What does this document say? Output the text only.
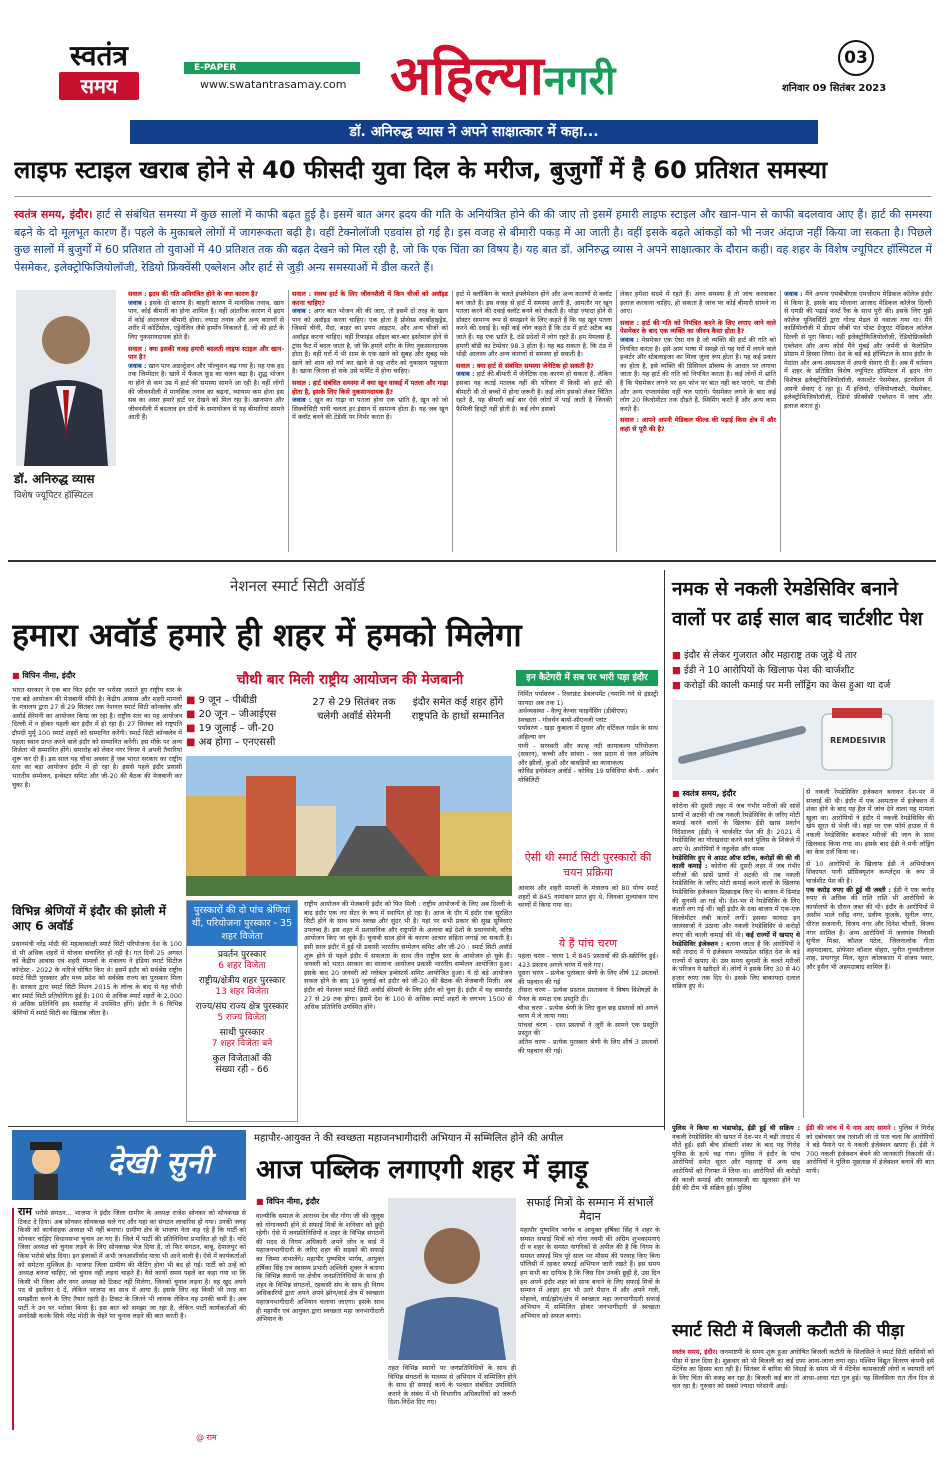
स्वतंत्र
समय
E-PAPER
www.swatantrasamay.com अहिल्यानगरी	03
शनिवार 09 सितंबर 2023
डॉ. अनिरुद्ध व्यास ने अपने साक्षात्कार में कहा...
लाइफ स्टाइल खराब होने से 40 फीसदी युवा दिल के मरीज, बुजुर्गों में है 60 प्रतिशत समस्या
स्वतंत्र समय, इंदौर। हार्ट से संबंधित समस्या में कुछ सालों में काफी बढ़त हुई है। इसमें बात अगर ह्रदय की गति के अनियंत्रित होने की की जाए तो इसमें हमारी लाइफ स्टाइल और खान-पान से काफी बदलवाव आए हैं। हार्ट की समस्या बढ़ने के दो मूलभूत कारण हैं। पहले के मुकाबले लोगों में जागरूकता बढ़ी है। वहीं टेक्नोलॉजी एडवांस हो गई है। इस वजह से बीमारी पकड़ में आ जाती है। वहीं इसके बढ़ते आंकड़ों को भी नजर अंदाज नहीं किया जा सकता है। पिछले कुछ सालों में बुजुर्गों में 60 प्रतिशत तो युवाओं में 40 प्रतिशत तक की बढ़त देखने को मिल रही है, जो कि एक चिंता का विषय है। यह बात डॉ. अनिरुद्ध व्यास ने अपने साक्षात्कार के दौरान कही। वह शहर के विशेष ज्यूपिटर हॉस्पिटल में पेसमेकर, इलेक्ट्रोफिजियोलॉजी, रेडियो फ्रिक्वेंसी एब्लेशन और हार्ट से जुड़ी अन्य समस्याओं में डील करते हैं।
डॉ. अनिरुद्ध व्यास
विशेष ज्यूपिटर हॉस्पिटल
सवाल : ह्रदय की गति अनियंत्रित होने के क्या कारण है?
जवाब : इसके दो कारण है। बाहरी कारण में मानसिक तनाव, खान पान, कोई बीमारी का होना शामिल है। वहीं आंतरिक कारण में ह्रदय में कोई अंदरुनाल बीमारी होना। ज्यादा तनाव और अन्य कारणों से शरीर में कोर्टिसोल, एड्रेनेलिन जैसे हार्मोन निकलते हैं, जो की हार्ट के लिए नुकसानदायक होते हैं।
सवाल : क्या इसकी वजह हमारी बदलती लाइफ स्टाइल और खान-पान है?
जवाब : खान पान अडल्ट्रेशन और पॉल्युशन बढ़ गया है। यह एक हद तक जिम्मेदार है। खाने में फैंकल फूड का चलन बढ़ा है। शुद्ध भोजन ना होने से कम उम्र में हार्ट की समस्या सामने आ रही है। वहीं लोगों की जीवनशैली में मानसिक तनाव का बढ़ना, व्यायाम कम होना इस सब का असर हमारे हार्ट पर देखने को मिल रहा है। खानपान और जीवनशैली में बदलाव इन दोनों के समायोजन से यह बीमारियां सामने आती हैं।
सवाल : स्वस्थ हार्ट के लिए जीवनशैली में किन चीजों को अवॉइड करना चाहिए?
जवाब : अगर बात भोजन की की जाए, तो इसमें दो तरह के खान पान को अवॉइड करना चाहिए। एक होता है प्रोसेस्ड कार्बोहाइड्रेड, जिसमें चीनी, मैदा, बाहर का प्रपप आइटम, और अन्य चीजों को अवॉइड करना चाहिए। वहीं रिफाइंड ऑइल बार-बार इस्तेमाल होने से ट्रांस फैट में बदल जाता है, जो कि हमारे शरीर के लिए नुकसानदायक होता है। वहीं घरों में भी शाम के एक खाने को सुबह और सुबह पके खाने को शाम को गर्म कर खाने से यह शरीर को नुकसान पहुंचाता है। खाना जितना हो सके उसे फर्मिट में होना चाहिए।
सवाल : हार्ट संबंधित समस्या में क्या खून वाकई में पतला और गाढ़ा होता है, इसके लिए किसे नुकसानदायक है?
जवाब : खून का गाढ़ा या पतला होना एक भ्रांति है, खून को जो सिक्वोसिटी यानी चलता हर इंसान में सामान्य होता है। यह जब खून में क्लॉट बनने की टेंडेंसी पर निर्भर करता है।
हार्ट में क्लॉकिंग के चलते इंफ्लेमेशन होने और अन्य कारणों से क्लॉट बन जाते हैं। इस वजह से हार्ट में समस्या आती है, आमतौर पर खून पतला करने की दवाई क्लॉट बनने को रोकती है। थोड़ा ज्यादा होने से डॉक्टर सामान्य रूप से समझाने के लिए कहते हैं कि यह खून पतला करने की दवाई है। वहीं कई लोग कहते हैं कि ठंड में हार्ट अटैक बढ़ जाते हैं। यह एक भ्रांति है, ठंडे प्रदेशों में लोग रहते हैं। हम मेमलस हैं, हमारी बॉडी का टेम्प्रेचर 98.3 होता है। यह बढ़ सकता है, कि ठंड में थोड़ी आलस्य और अन्य कारणों से समस्या हो सकती है।
सवाल : क्या हार्ट से संबंधित समस्या जेनेटिक हो सकती है?
जवाब : हार्ट की बीमारी में जेनेटिक एक कारण हो सकता है, लेकिन इसका यह कतई मतलब नहीं की परिवार में किसी को हार्ट की बीमारी थी तो बच्चों में होना जरूरी है। कई लोग इसको लेकर चिंतित रहते हैं, यह बीमारी कई बार ऐसे लोगों में पाई जाती है जिनकी फैमिली हिस्ट्री नहीं होती है। कई लोग इसको
लेकर हमेशा सदमे में रहते हैं। अगर समस्या है तो जांच करवाकर इलाज करवाना चाहिए, हो सकता है जांच पर कोई बीमारी सामने ना आए।
सवाल : हार्ट की गति को नियंत्रित करने के लिए लगाए जाने वाले पेसमेकर के बाद एक व्यक्ति का जीवन कैसा होता है?
जवाब : पेसमेकर एक ऐसा यंत्र है जो व्यक्ति की हार्ट की गति को नियंत्रित करता है। इसे आम भाषा में समझे तो यह घरों में लगने वाले इन्वर्टर और स्टेबलाइजर का मिला जुला रूप होता है। यह कई प्रकार का होता है, इसे व्यक्ति की प्रिसिपल प्रॉब्लम के आधार पर लगाया जाता है। यह हार्ट की गति को नियंत्रित करता है। कई लोगों में भ्रांति है कि पेसमेकर लगने पर हम फोन पर बात नहीं कर पाएंगे, या टीवी और अन्य एप्लायंसेस नहीं चल पाएंगे। पेसमेकर लगने के बाद कई लोग 20 किलोमीटर तक दौड़ते हैं, स्विमिंग करते हैं और अन्य काम करते हैं।
सवाल : आपने अपनी मेडिकल फील्ड की पढ़ाई किस क्षेत्र में और कहां से पूरी की है?
जवाब : मैंने अपना एमबीबीएस एमजीएम मेडिकल कॉलेज इंदौर से किया है, इसके बाद मौलाना आजाद मेडिकल कॉलेज दिल्ली से एमडी की पढ़ाई फर्स्ट रैंक के साथ पूरी की। इसके लिए मुझे कॉलेज यूनिवर्सिटी द्वारा गोल्ड मेडल से नवाजा गया था। मैंने कार्डियोलॉजी में डीएम जीबी पंत पोस्ट ग्रेजुएट मेडिकल कॉलेज दिल्ली से पूरा किया। वहीं इलेक्ट्रोफिजियोलॉजी, रेडियोफ्रिक्वेंसी एब्लेशन और अन्य कोर्स मैंने मुंबई और जर्मनी से फेलोशिप प्रोग्राम में हिस्सा लिया। देश के बड़े बड़े हॉस्पिटल के साथ इंदौर के मेदांता और अन्य अस्पताल में अपनी सेवाएं दी हैं। अब मैं वर्तमान में शहर के प्रतिष्ठित विशेष ज्यूपिटर हॉस्पिटल में ह्रदय रोग विशेषज्ञ इलेक्ट्रोफिजियोलॉजी, कंसल्टेंट पेसमेकर, इंटरवेंशन में अपनी सेवाएं दे रहा हूं। मैं इंजियो, एंजियोप्लास्टी, पेसमेकर, इलेक्ट्रोफिजियोलॉजी, रेडियो फ्रीक्वेंसी एब्लेशन में जांच और इलाज करता हूं।
नेशनल स्मार्ट सिटी अवॉर्ड
हमारा अवॉर्ड हमारे ही शहर में हमको मिलेगा
■ विपिन नीमा, इंदौर
भारत सरकार ने एक बार फिर इंदौर पर भरोसा जताते हुए राष्ट्रीय स्तर के एक बड़े आयोजन की मेजबानी सौंपी है। केंद्रीय आवास और शहरी मामलों के मंत्रालय द्वारा 27 से 29 सितंबर तक नेशनल स्मार्ट सिटी कॉन्क्लेव और अवॉर्ड सेरेमनी का आयोजन किया जा रहा है। राष्ट्रीय स्तर का यह आयोजन दिल्ली में न होकर पहली बार इंदौर में हो रहा है। 27 सितंबर को राष्ट्रपति द्रौपदी मुर्मू 100 स्मार्ट शहरों को सम्मानित करेंगी। स्मार्ट सिटी कॉन्क्लेव में पहला स्थान प्राप्त करने वाले इंदौर को सम्मानित करेंगी। इस मौके पर अन्य विजेता भी सम्मानित होंगे। समारोह को लेकर नगर निगम ने अपनी तैयारियां शुरू कर दी हैं। इस साल यह चौथा अवसर है जब भारत सरकार का राष्ट्रीय स्तर का बड़ा आयोजन इंदौर में हो रहा है। इससे पहले इंदौर प्रवासी भारतीय सम्मेलन, इन्वेस्टर समिट और जी-20 की बैठक की मेजबानी कर चुका है।
विभिन्न श्रेणियों में इंदौर की झोली में आए 6 अवॉर्ड
प्रधानमंत्री नरेंद्र मोदी की महत्वाकांक्षी स्मार्ट सिटी परियोजना देश के 100 से भी अधिक शहरों में योजना संचालित हो रही है। गत दिनों 25 अगस्त को केंद्रीय आवास एवं शहरी मामलों के मंत्रालय ने इंडिया स्मार्ट सिटीज कॉन्टेस्ट - 2022 के नतीजे घोषित किए थे। इसमें इंदौर को सर्वश्रेष्ठ राष्ट्रीय स्मार्ट सिटी पुरस्कार और मध्य प्रदेश को सर्वश्रेष्ठ राज्य का पुरस्कार मिला है। सरकार द्वारा स्मार्ट सिटी मिशन 2015 के लॉन्च के बाद से यह चौथी बार स्मार्ट सिटी प्रतियोगिता हुई है। 100 से अधिक स्मार्ट शहरों के 2,000 से अधिक प्रतिनिधि इस समारोह में उपस्थित होंगे। इंदौर ने 6 विभिन्न श्रेणियों में स्मार्ट सिटी का खिताब जीता है।
चौथी बार मिली राष्ट्रीय आयोजन की मेजबानी
■ 9 जून – पीबीडी
■ 20 जून – जीआईएस
■ 19 जुलाई – जी-20
■ अब होगा – एनएससी
27 से 29 सितंबर तक चलेगी अवॉर्ड सेरेमनी
इंदौर समेत कई शहर होंगे राष्ट्रपति के हाथों सम्मानित
पुरस्कारों की दो पांच श्रेणियां थीं, परियोजना पुरस्कार - 35 शहर विजेता
प्रवर्तन पुरस्कार
6 शहर विजेता
राष्ट्रीय/क्षेत्रीय शहर पुरस्कार
13 शहर विजेता
राज्य/संघ राज्य क्षेत्र पुरस्कार
5 राज्य विजेता
साथी पुरस्कार
7 शहर विजेता बने
कुल विजेताओं की
संख्या रही - 66
राष्ट्रीय आयोजन की मेजबानी इंदौर को फिर मिली : राष्ट्रीय आयोजनों के लिए अब दिल्ली के बाद इंदौर एक नए सेंटर के रूप में स्थापित हो रहा है। आज के दौर में इंदौर एक सुरक्षित सिटी होने के साथ साथ स्वच्छ और सुंदर भी है। यहां पर सभी प्रकार की सुख सुविधाएं उपलब्ध है। इस शहर में प्रशासनिक और राष्ट्रपति के अलावा बड़े देशों के प्रधानमंत्री, वरिष्ठ आयोजन किए जा चुके हैं। चुनावी साल होने के कारण आचार संहिता लगाई जा सकती है। इसी साल इंदौर में हुई थी प्रवासी भारतीय सम्मेलन समिट और जी-20 : स्मार्ट सिटी अवॉर्ड शुरू होने से पहले इंदौर में सफलता के साथ तीन राष्ट्रीय स्तर के आयोजन हो चुके हैं। जनवरी को भारत सरकार का सालाना आयोजन प्रवासी भारतीय सम्मेलन आयोजित हुआ। इसके बाद 20 जनवरी को ग्लोबल इन्वेस्टर्स समिट आयोजित हुआ। ये दो बड़े आयोजन सफल होने के बाद 19 जुलाई को इंदौर को जी-20 की बैठक की मेजबानी मिली। अब इंदौर को नेशनल स्मार्ट सिटी अवॉर्ड सेरेमनी के लिए इंदौर को चुना है। इंदौर में यह समारोह 27 से 29 तक होगा। इसमें देश के 100 से अधिक स्मार्ट शहरों के लगभग 1500 से अधिक प्रतिनिधि उपस्थित होंगे।
इन कैटेगरी में सब पर भारी पड़ा इंदौर
निर्मित पर्यावरण - रिवरफ्रंट डेवलपमेंट (नमामि गंगे से इंडस्ट्री फ़ायदा अब तक 1)
अर्थव्यवस्था - वैल्यू केप्चर फाइनेंसिंग (डीबीएफ)
स्वच्छता - गोवर्धन बायो-सीएनजी प्लांट
पर्यावरण - खड़ा कुबाला में सुधार और वर्टिकल गार्डन के साथ अहिल्या वन
पानी - सरस्वती और कान्ह नदी कायाकल्प परियोजना (सवरन), कच्ची और सांवरा - जल प्रदाय से जल अधिशेष और झीलों, कुओं और बावड़ियों का कायाकल्प
कोविड इनोवेशन अवॉर्ड - कोविड 19 प्रविधियां श्रेणी - अर्बन मोबिलिटी
ऐसी थी स्मार्ट सिटी पुरस्कारों की चयन प्रक्रिया
आवास और शहरी मामलों के मंत्रालय को 80 योग्य स्मार्ट शहरों से 845 नामांकन प्राप्त हुए थे, जिनका मूल्यांकन पांच चरणों में किया गया था।
ये हैं पांच चरण
पहला चरण - चरण 1 में 845 प्रस्तावों की प्री-स्क्रीनिंग हुई। 423 प्रस्ताव अगले चरण में चले गए।
दूसरा चरण - प्रत्येक पुरस्कार श्रेणी के लिए शीर्ष 12 प्रस्तावों की पहचान की गई
तीसरा चरण - प्रत्येक प्रस्ताव प्रस्तावना ने विषय विशेषज्ञों के पैनल के समक्ष एक प्रस्तुति दी।
चौथा चरण - प्रत्येक श्रेणी के लिए कुल छह प्रस्तावों को अगले चरण में ले जाया गया।
पांचवां चरण - दस्त प्रस्तावों ने जूरी के सामने एक प्रस्तुति प्रस्तुत की
अंतिम चरण - प्रत्येक पुरस्कार श्रेणी के लिए शीर्ष 3 प्रस्तावों की पहचान की गई।
नमक से नकली रेमडेसिविर बनाने वालों पर ढाई साल बाद चार्टशीट पेश
■ इंदौर से लेकर गुजरात और महाराष्ट्र तक जुड़े थे तार
■ ईडी ने 10 आरोपियों के खिलाफ पेश की चार्जशीट
■ करोड़ों की काली कमाई पर मनी लॉड्रिंग का केस हुआ था दर्ज
REMDESIVIR
■ स्वतंत्र समय, इंदौर
कोरोना की दूसरी लहर में जब गंभीर मरीजों की सांसें प्राणों में अटकी थी तब नकली रेमडेसिविर के जरिए मोटी कमाई करने वालों के खिलाफ ईडी खास प्रवर्तन निदेशालय (ईडी) ने चार्जशीट पेश की है। 2021 में रेमडेसिविर का गोरखधंधा करने वाले पुलिस के शिकंजे में आए थे। आरोपियों ने नकुलेंस और नमक
रेमडेसिविर हुए थे आउट ऑफ स्टॉक, करोड़ों की की थी काली कमाई : कोरोना की दूसरी लहर में जब गंभीर मरीजों की सांसें प्राणों में अटकी थी तब नकली रेमडेसिविर के जरिए मोटी कमाई करने वालों के खिलाफ रेमडेसिविर इंजेक्शन प्रिस्क्राइब किए थे। बाजार में डिमांड की सुनामी आ गई थी। देश-भर में रेमडेसिविर के लिए कतारें लग गई थीं। वहीं इंदौर के दवा बाजार में एक-एक किलोमीटर लंबी कतारें लगीं। इसका फायदा इन जालसाजों ने उठाया और नकली रेमडेसिविर से करोड़ों रुपए की काली कमाई की थी। कई राज्यों में खपाए थे रेमडेसिविर इंजेक्शन : बताया जाता है कि आरोपियों ने बड़ी तादाद में ये इंजेक्शन मध्यप्रदेश सहित देश के बड़े राज्यों में खपाए थे। उस समय सुनामी के चलते मरीजों के परिजन ये खरीदते थे। लोगों ने इसके लिए 30 से 40 हजार रुपए तक दिए थे। इसके लिए बाकायदा दलाल सक्रिय हुए थे।
से नकली रेमडेसिविर इंजेक्शन बनाकर देश-भर में सप्लाई की थी। इंदौर में एक अस्पताल में इंजेक्शन में शंका होने के बाद यह हैल में जांच देने वाला यह मामला खुला था। आरोपियों ने इंदौर में नकली रेमडेसिविर की खेप सूरत से भेजी थी। वहां पर एक फॉर्म हाउस में ये नकली रेमडेसिविर बनाकर मरीजों की जान के साथ खिलवाड़ किया गया था। इसके बाद ईडी ने मनी लॉड्रिंग का केस दर्ज किया था।
से 10 आरोपियों के खिलाफ ईडी ने अभियोजन शिकायत यानी प्रॉसिक्यूशन कम्प्लेंट्स के रूप में चार्जशीट पेश की है।
एक करोड़ रुपए की हुई थी जब्ती : ईडी ने एक करोड़ रुपए से अधिक की राशि राशि भी आरोपियों के कार्यालयों के दौरान जब्त की थी। इंदौर के आरोपियों में असीम भाले रवींद्र नगर, प्रवीण फूलके, सुनील नगर, धीरज सजनानी, विजय नगर और दिनेश चौधरी, विजय नगर शामिल हैं। अन्य आरोपियों में जलगांव निवासी सुनील मिश्रा, कौशल पटेल, जिलनालोक गीता अहमदाबाद, प्रोफेसर कौशल वोहरा, पुनीत गुनवंतीलाल शाह, प्रयागपुर मिल, सूरत कोलकाता में संजय पवार, और हुसैन भी अहमदाबाद शामिल हैं।
ईडी की जांच में ये नाम आए सामने : पुलिस ने गिरोह को दबोचकर जब तलाशी ली तो पता चला कि आरोपियों ने बड़े पैमाने पर ये नकली इंजेक्शन खपाए हैं। ईडी ने 700 नकली इंजेक्शन बेचने की जानकारी निकाली थी। आरोपियों ने पुलिस पूछताछ में इंजेक्शन बनाने की बात मानी।
पुलिस ने किया था भंडाफोड़, ईडी हुई थी सक्रिय : नकली रेमडेसिविर की खपत में देश-भर में बड़ी तादाद में मौतें हुईं। इसी बीच डॉक्टरी शंका के बाद यह गिरोह पुलिस के हत्थे चढ़ गया। पुलिस ने इंदौर के पांच आरोपियों समेत सूरत और महाराष्ट्र से अन्य छह आरोपियों को गिरफ्त में लिया था। आरोपियों की करोड़ों की काली कमाई और जालसाजी का खुलासा होने पर ईडी की टीम भी सक्रिय हुई। पुलिस
महापौर-आयुक्त ने की स्वच्छता महाजनभागीदारी अभियान में सम्मिलित होने की अपील
आज पब्लिक लगाएगी शहर में झाड़ू
■ विपिन नीमा, इंदौर
वाल्मीकि समाज के आराध्य देव वीर गोगा जी की जुलूस को गोगानवमी होने से सफाई मित्रों के शनिवार को छुट्टी रहेगी। ऐसे में जनप्रतिनिधियों व शहर के विभिन्न संगठनों की मदद से निगम अधिकारी अपने जोन व वार्ड में महाजनभागीदारी के जरिए शहर की सड़कों की सफाई का जिम्मा संभालेंगे। महापौर पुष्यमित्र भार्गव, आयुक्त हर्षिका सिंह एवं स्वास्थ्य प्रभारी अश्विनी शुक्ल ने बताया कि विभिन्न स्थानों पर क्षेत्रीय जनप्रतिनिधियों के साथ ही शहर के विभिन्न संगठनों, रहवासी संघ के साथ ही निगम अधिकारियों द्वारा अपने अपने झोन/वार्ड क्षेत्र में स्वच्छता महाजनभागीदारी अभियान चलाया जाएगा। इसके साथ ही महापौर एवं आयुक्त द्वारा स्वच्छता महा जनभागीदारी अभियान के
तहत विभिन्न स्थानों पर जनप्रतिनिधियों के साथ ही विभिन्न संगठनों के माध्यम से अभियान में सम्मिलित होने के साथ ही सफाई कार्य के पश्चात संबंधित उपस्थिति कराने के संबंध में भी विभागीय अधिकारियों को जरूरी दिशा-निर्देश दिए गए।
सफाई मित्रों के सम्मान में संभालें मैदान
महापौर पुष्यमित्र भार्गव व आयुक्त हर्षिका सिंह ने शहर के समस्त सफाई मित्रों को गोगा नवमी की अग्रिम शुभकामनाएं दी व शहर के समस्त नागरिकों से अपील की है कि निगम के समस्त सफाई मित्र पूरे साल भर मौसम की परवाह किए बिना पॉलिसी में रहकर सफाई अभियान जारी रखते हैं। इस समय हम सभी का दायित्व है कि जिस दिन उनकी छुट्टी है, उस दिन हम अपने इंदौर शहर को साफ बनाने के लिए सफाई मित्रों के सम्मान में आइए हम भी उतरे मैदान में और अपने गली, मोहल्ले, वार्ड/झोन/क्षेत्र में स्वच्छता महा जनभागीदारी सफाई अभियान में सम्मिलित होकर जनभागीदारी से स्वच्छता अभियान को सफल बनाएं।
देखी सुनी
राम भरोसे संगठन... भाजपा ने इंदौर जिला ग्रामीण के अध्यक्ष राजेश सोनकर को सोनकच्छ से टिकट दे दिया। अब सोनकर सोनकच्छ चले गए और यहां का संगठन लावारिस हो गया। उनकी जगह किसी को कार्यवाहक अध्यक्ष भी नहीं बनाया। ग्रामीण क्षेत्र के भाजपा नेता कह रहे हैं कि पार्टी को सोनकर चाहिए विधानसभा चुनाव आ गए हैं। जिले में पार्टी की प्रतिनिधियां प्रभावित हो रही है। यदि जिला अध्यक्ष को चुनाव लड़ने के लिए सोनकच्छ भेज दिया है, तो फिर संगठन, बाबू, देपालपुर को किस भरोसे छोड़ दिया। इन इलाकों में अभी जनआशीर्वाद यात्रा भी आने वाली है। ऐसे में कार्यकर्ताओं को समेटना मुश्किल है। भाजपा जिला ग्रामीण की मीटिंग होना भी बंद हो गई। पार्टी को उन्हें को अध्यक्ष बनना चाहिए, जो चुनाव नहीं लड़ना चाहते हैं। वैसे कार्यो समय पहले का कहा गया था कि किसी भी जिला और नगर अध्यक्ष को टिकट नहीं मिलेगा, जिनको चुनाव लड़ना है। वह खुद अपने पद से इस्तीफा दे दें, लेकिन भाजपा का साथ में आया है। इसके लिए वह किसी भी तरह का समझौता करने के लिए तैयार रहती है। टिकट के जितने भी लायक लेकिन यह उनकी कमी है। अब पार्टी ने उन पर भरोसा किया है। इस बात को समझा जा रहा है, लेकिन पार्टी कार्यकर्ताओं की अनदेखी करके सिर्फ नरेंद्र मोदी के चेहरे पर चुनाव लड़ने की बात करती है।
@ राम
स्मार्ट सिटी में बिजली कटौती की पीड़ा
स्वतंत्र समय, इंदौर। जनमाष्टमी के समय शुरू हुआ अघोषित बिजली कटौती के सिलसिले ने स्मार्ट सिटी वासियों को पीड़ा में डाल दिया है। शुक्रवार को भी बिजली का कई दफा आना-जाना लगा रहा। पश्चिम विद्युत वितरण कंपनी इसे मेंटेनेंस का हिस्सा बता रही है। सितंबर में बारिश की विदाई के समय भी ये मेंटेनेंस कामकाजी लोगों व व्यापारी वर्ग के लिए चिंता की वजह बन रहा है। बिजली कई बार तो आधा-आधा घंटा गुल हुई। यह सिलसिला रात तीन दिन से चल रहा है। गुरुवार को सबसे ज्यादा परेशानी आई।
